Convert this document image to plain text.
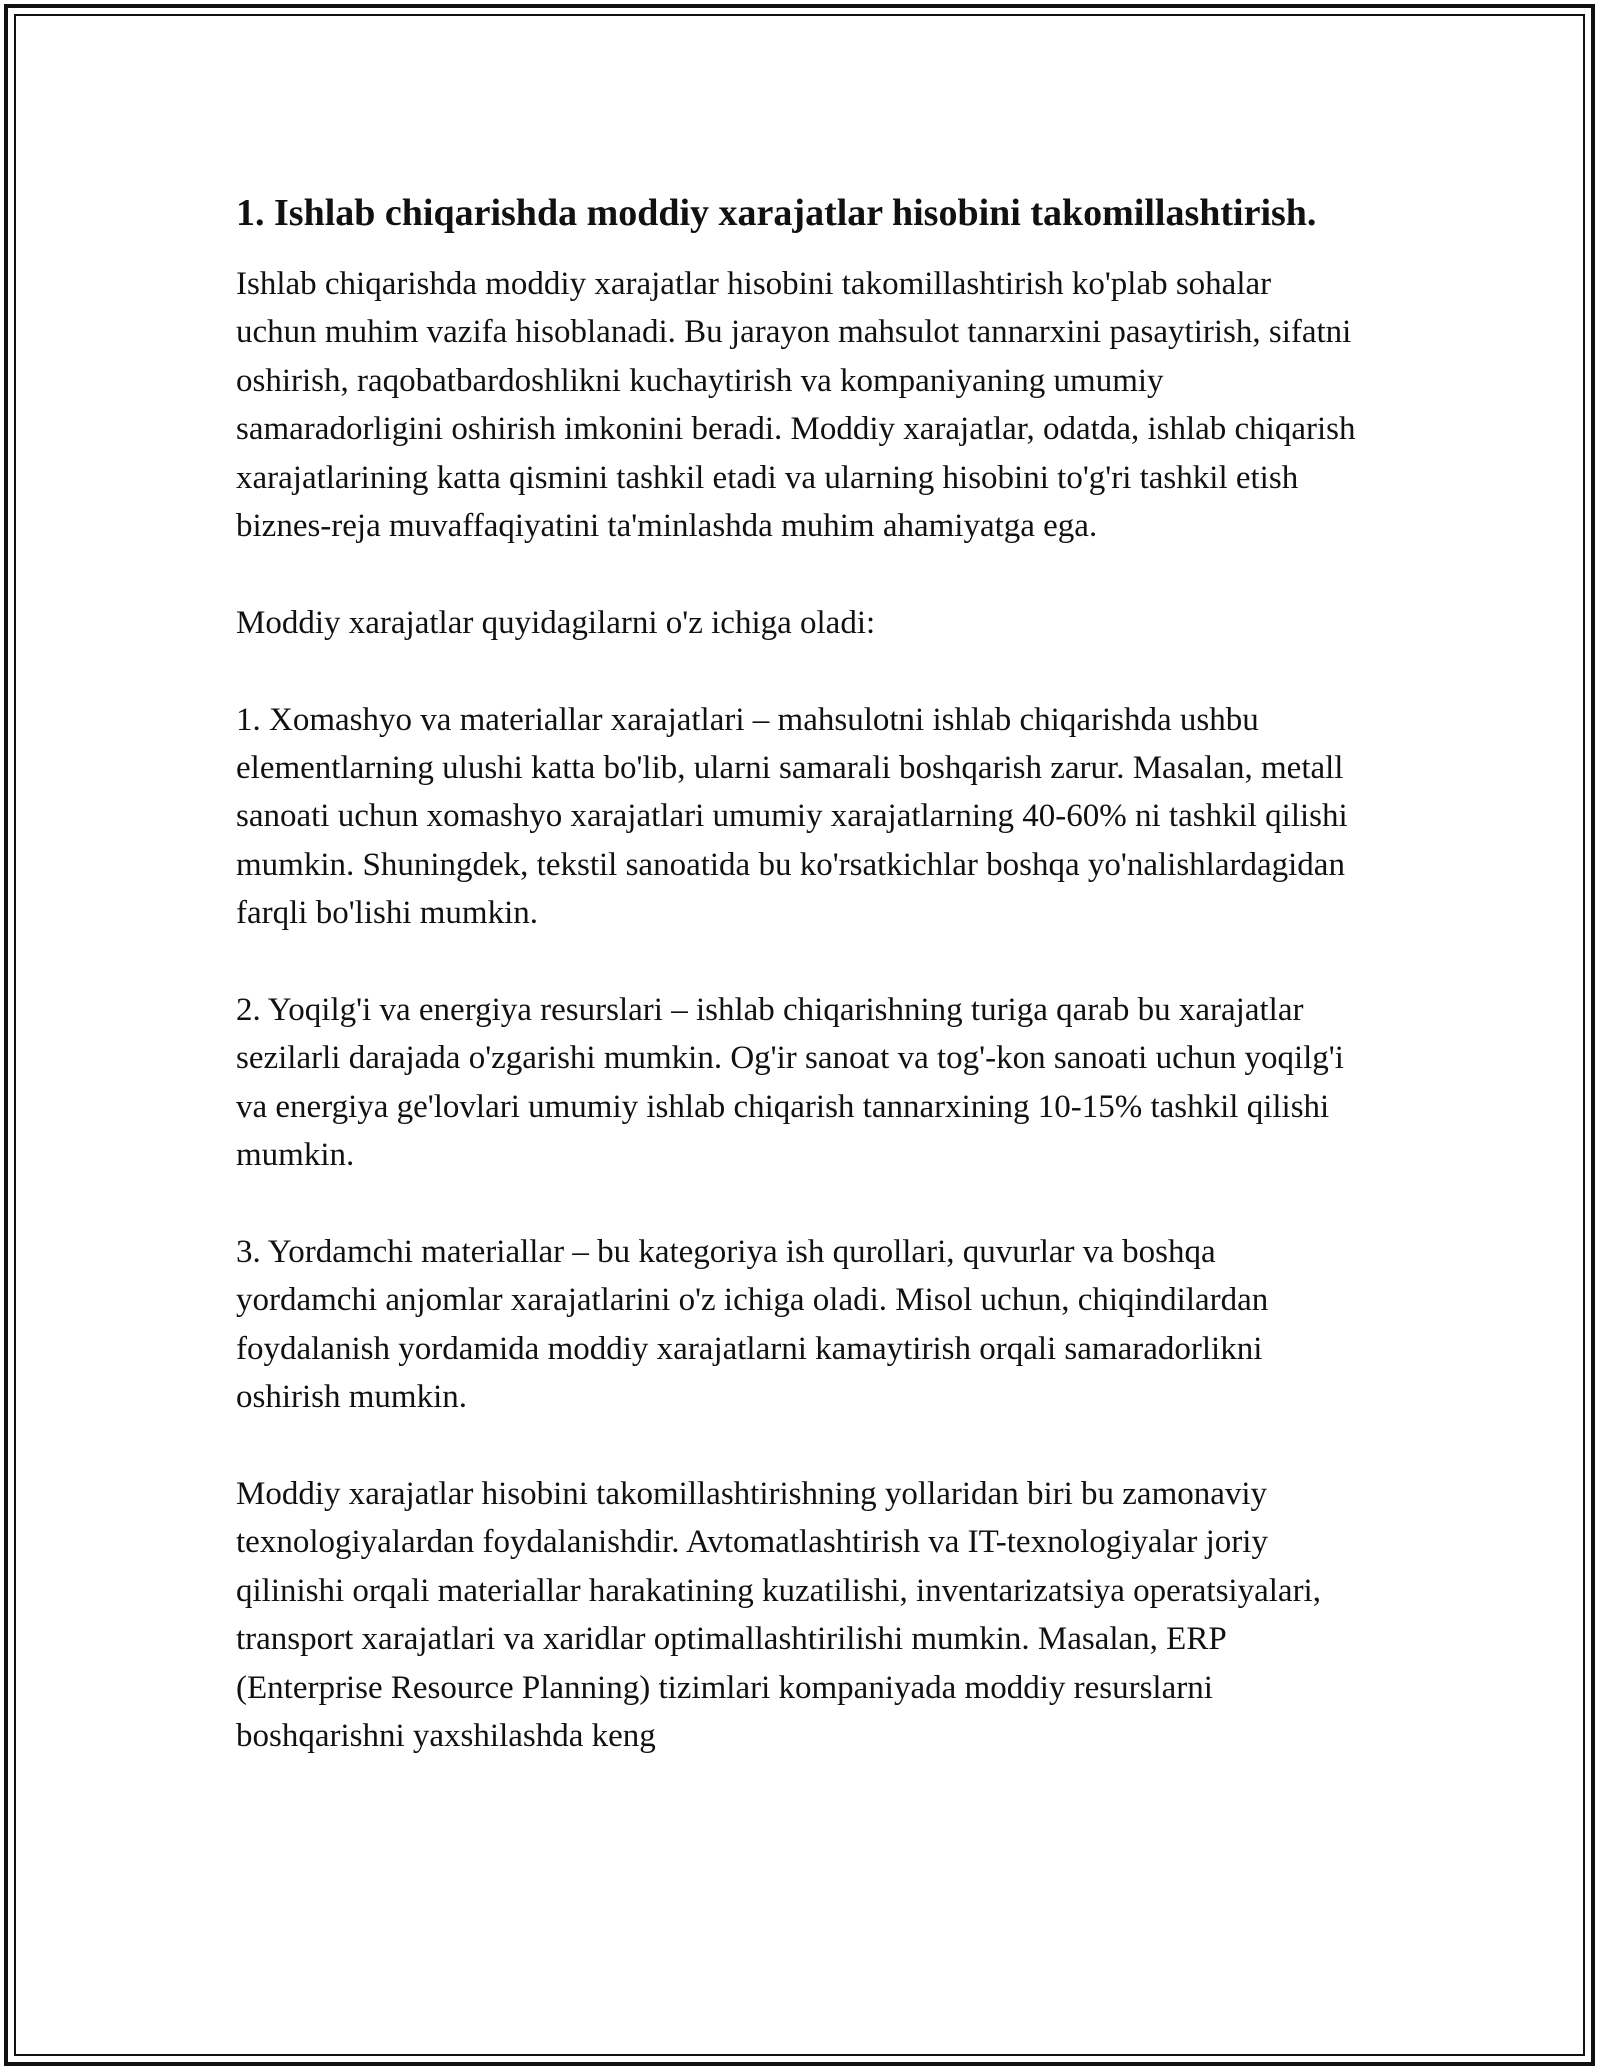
1. Ishlab chiqarishda moddiy xarajatlar hisobini takomillashtirish.

Ishlab chiqarishda moddiy xarajatlar hisobini takomillashtirish ko'plab sohalar uchun muhim vazifa hisoblanadi. Bu jarayon mahsulot tannarxini pasaytirish, sifatni oshirish, raqobatbardoshlikni kuchaytirish va kompaniyaning umumiy samaradorligini oshirish imkonini beradi. Moddiy xarajatlar, odatda, ishlab chiqarish xarajatlarining katta qismini tashkil etadi va ularning hisobini to'g'ri tashkil etish biznes-reja muvaffaqiyatini ta'minlashda muhim ahamiyatga ega.

Moddiy xarajatlar quyidagilarni o'z ichiga oladi:

1. Xomashyo va materiallar xarajatlari – mahsulotni ishlab chiqarishda ushbu elementlarning ulushi katta bo'lib, ularni samarali boshqarish zarur. Masalan, metall sanoati uchun xomashyo xarajatlari umumiy xarajatlarning 40-60% ni tashkil qilishi mumkin. Shuningdek, tekstil sanoatida bu ko'rsatkichlar boshqa yo'nalishlardagidan farqli bo'lishi mumkin.

2. Yoqilg'i va energiya resurslari – ishlab chiqarishning turiga qarab bu xarajatlar sezilarli darajada o'zgarishi mumkin. Og'ir sanoat va tog'-kon sanoati uchun yoqilg'i va energiya ge'lovlari umumiy ishlab chiqarish tannarxining 10-15% tashkil qilishi mumkin.

3. Yordamchi materiallar – bu kategoriya ish qurollari, quvurlar va boshqa yordamchi anjomlar xarajatlarini o'z ichiga oladi. Misol uchun, chiqindilardan foydalanish yordamida moddiy xarajatlarni kamaytirish orqali samaradorlikni oshirish mumkin.

Moddiy xarajatlar hisobini takomillashtirishning yollaridan biri bu zamonaviy texnologiyalardan foydalanishdir. Avtomatlashtirish va IT-texnologiyalar joriy qilinishi orqali materiallar harakatining kuzatilishi, inventarizatsiya operatsiyalari, transport xarajatlari va xaridlar optimallashtirilishi mumkin. Masalan, ERP (Enterprise Resource Planning) tizimlari kompaniyada moddiy resurslarni boshqarishni yaxshilashda keng
